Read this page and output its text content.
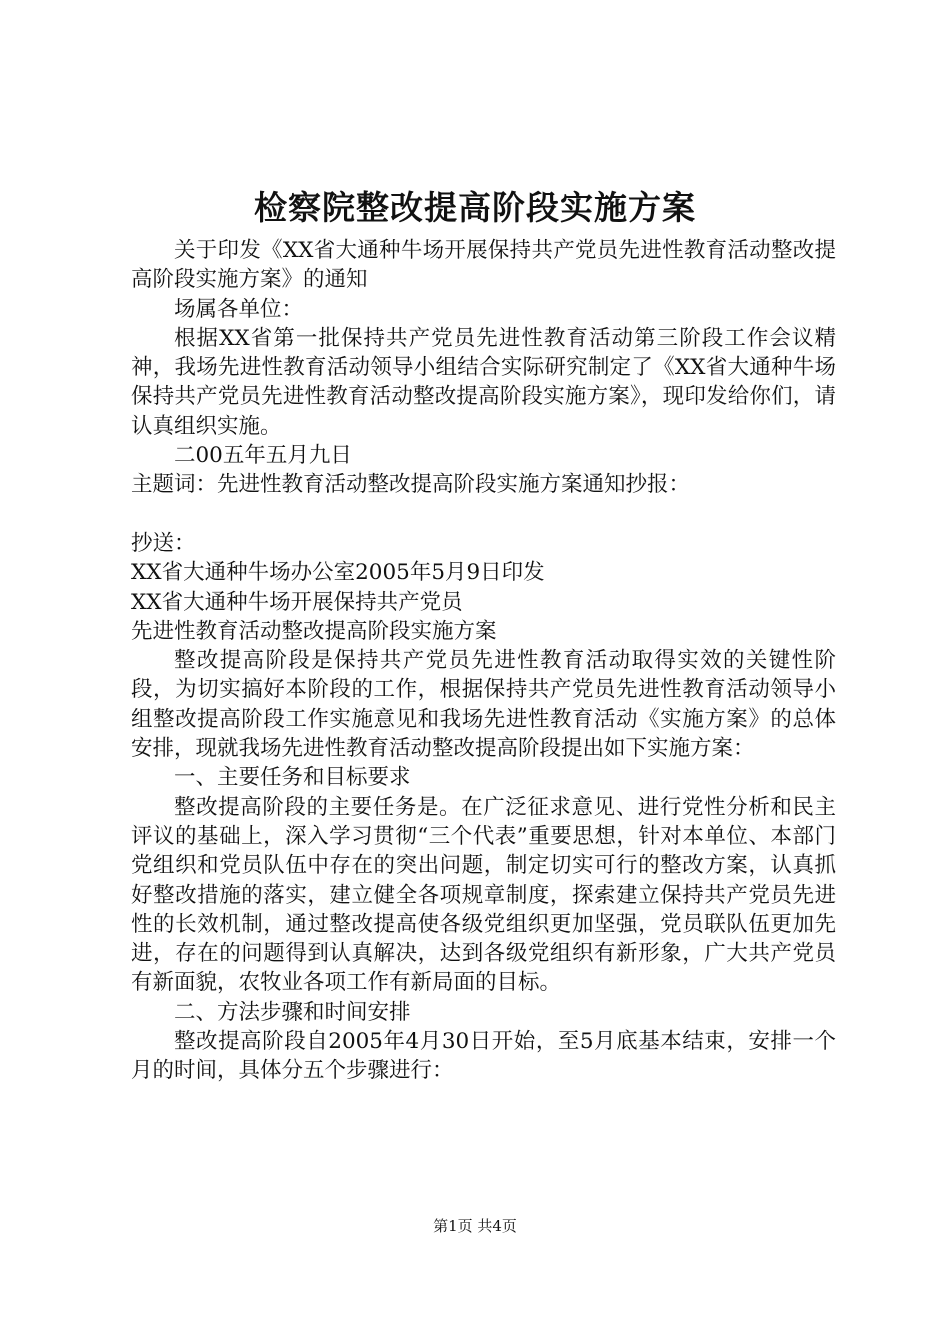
检察院整改提高阶段实施方案

关于印发《XX省大通种牛场开展保持共产党员先进性教育活动整改提高阶段实施方案》的通知

场属各单位：

根据XX省第一批保持共产党员先进性教育活动第三阶段工作会议精神，我场先进性教育活动领导小组结合实际研究制定了《XX省大通种牛场保持共产党员先进性教育活动整改提高阶段实施方案》，现印发给你们，请认真组织实施。

二00五年五月九日

主题词：先进性教育活动整改提高阶段实施方案通知抄报：

抄送：

XX省大通种牛场办公室2005年5月9日印发

XX省大通种牛场开展保持共产党员

先进性教育活动整改提高阶段实施方案

整改提高阶段是保持共产党员先进性教育活动取得实效的关键性阶段，为切实搞好本阶段的工作，根据保持共产党员先进性教育活动领导小组整改提高阶段工作实施意见和我场先进性教育活动《实施方案》的总体安排，现就我场先进性教育活动整改提高阶段提出如下实施方案：

一、主要任务和目标要求

整改提高阶段的主要任务是。在广泛征求意见、进行党性分析和民主评议的基础上，深入学习贯彻“三个代表”重要思想，针对本单位、本部门党组织和党员队伍中存在的突出问题，制定切实可行的整改方案，认真抓好整改措施的落实，建立健全各项规章制度，探索建立保持共产党员先进性的长效机制，通过整改提高使各级党组织更加坚强，党员联队伍更加先进，存在的问题得到认真解决，达到各级党组织有新形象，广大共产党员有新面貌，农牧业各项工作有新局面的目标。

二、方法步骤和时间安排

整改提高阶段自2005年4月30日开始，至5月底基本结束，安排一个月的时间，具体分五个步骤进行：

第1页 共4页
